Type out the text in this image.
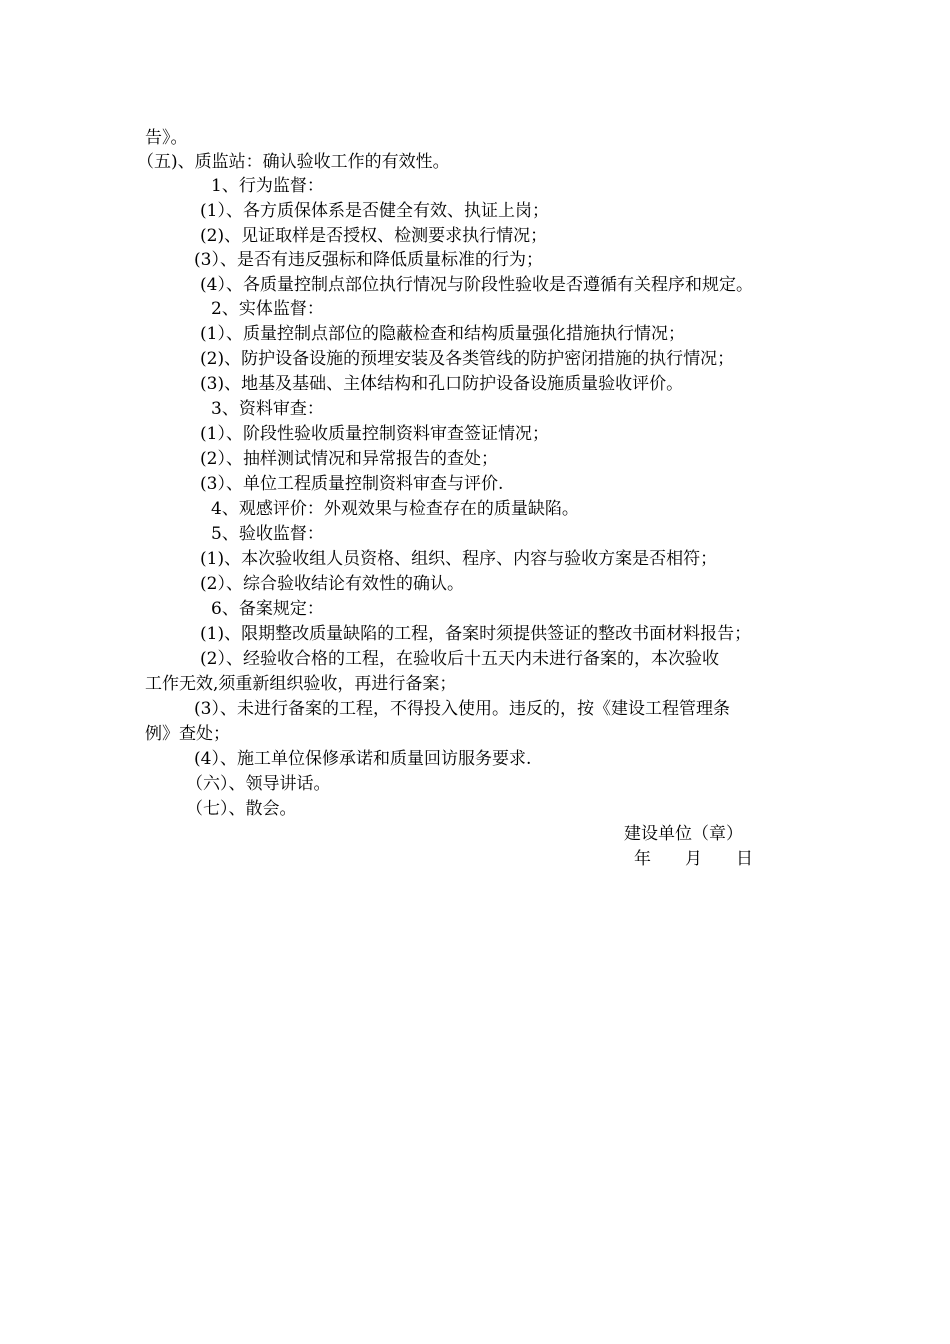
告》。
（五)、质监站：确认验收工作的有效性。
1、行为监督：
(1）、各方质保体系是否健全有效、执证上岗；
(2)、见证取样是否授权、检测要求执行情况；
(3）、是否有违反强标和降低质量标准的行为；
(4）、各质量控制点部位执行情况与阶段性验收是否遵循有关程序和规定。
2、实体监督：
(1）、质量控制点部位的隐蔽检查和结构质量强化措施执行情况；
(2)、防护设备设施的预埋安装及各类管线的防护密闭措施的执行情况；
(3)、地基及基础、主体结构和孔口防护设备设施质量验收评价。
3、资料审查：
(1）、阶段性验收质量控制资料审查签证情况；
(2）、抽样测试情况和异常报告的查处；
(3）、单位工程质量控制资料审查与评价.
4、观感评价：外观效果与检查存在的质量缺陷。
5、验收监督：
(1)、本次验收组人员资格、组织、程序、内容与验收方案是否相符；
(2）、综合验收结论有效性的确认。
6、备案规定：
(1)、限期整改质量缺陷的工程，备案时须提供签证的整改书面材料报告；
(2）、经验收合格的工程，在验收后十五天内未进行备案的，本次验收
工作无效,须重新组织验收，再进行备案；
(3）、未进行备案的工程，不得投入使用。违反的，按《建设工程管理条
例》查处；
(4）、施工单位保修承诺和质量回访服务要求.
（六）、领导讲话。
（七）、散会。
建设单位（章）
年　　月　　日
